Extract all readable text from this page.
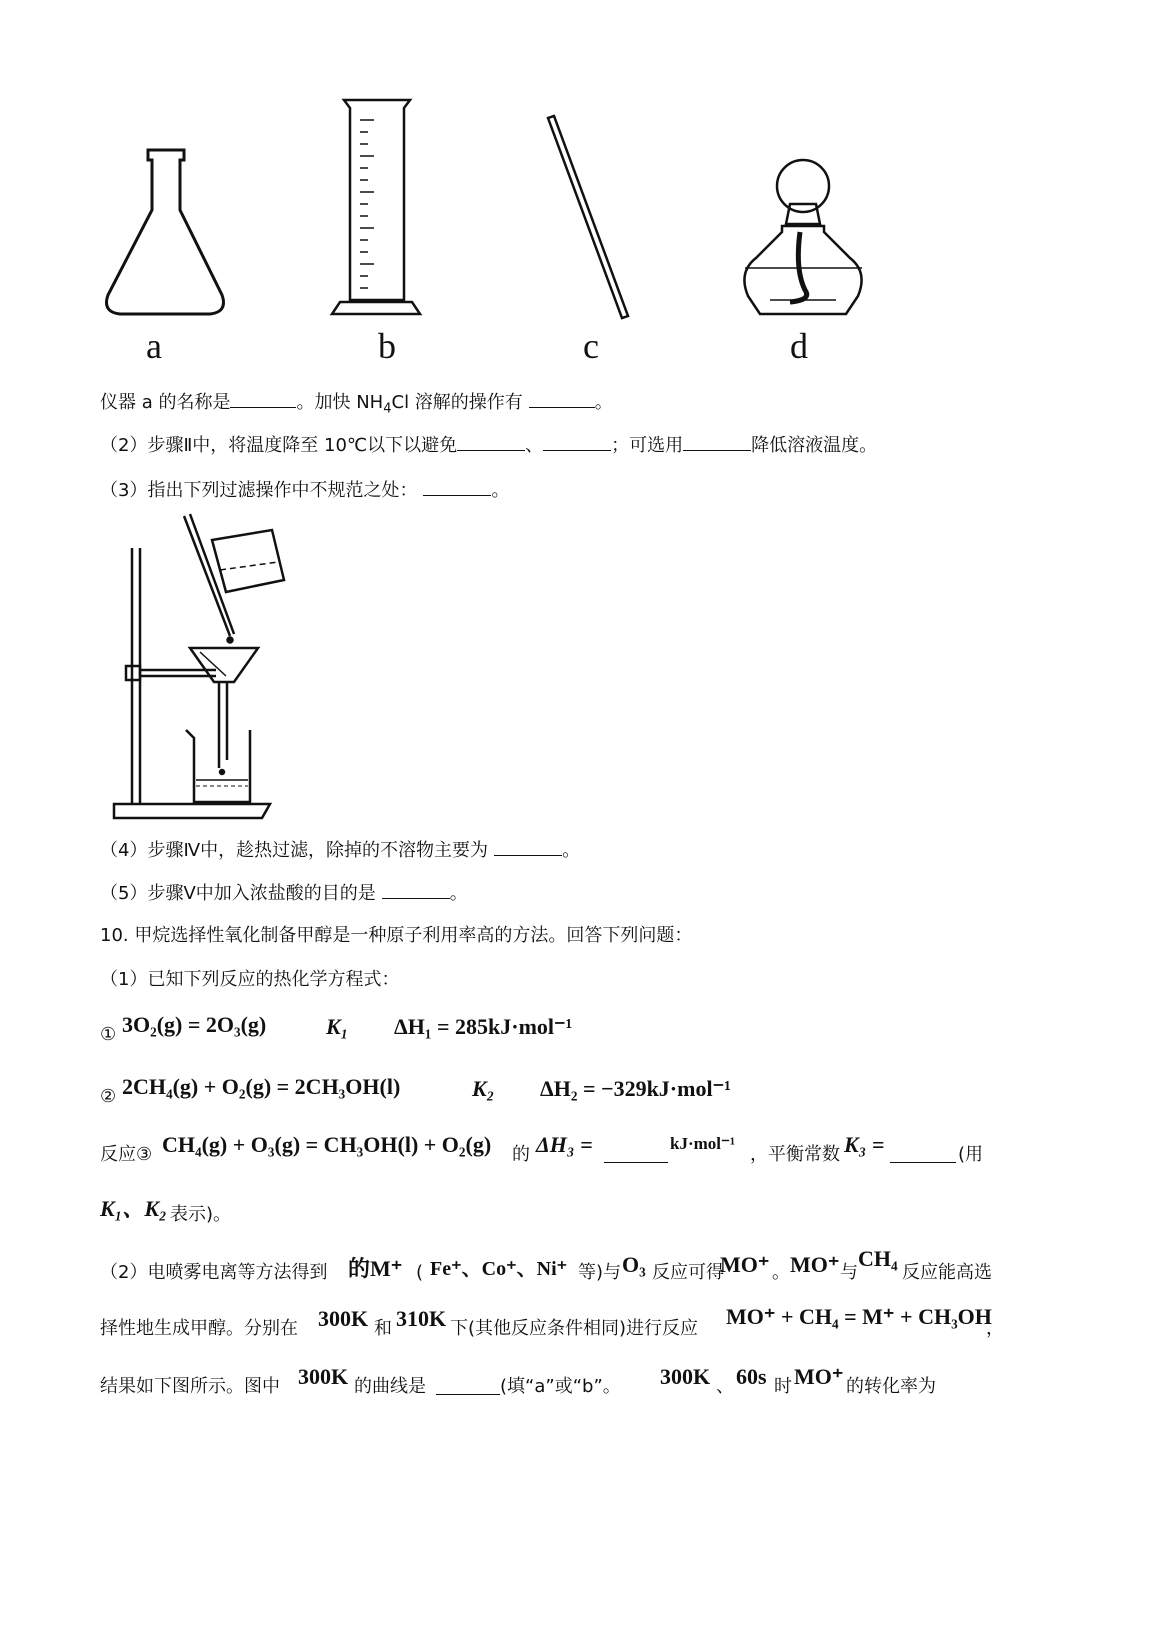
a	b	c	d
仪器 a 的名称是	。加快 $NH_4Cl$ 溶解的操作有	。
（2）步骤Ⅱ中，将温度降至 10℃以下以避免	、	；可选用	降低溶液温度。
（3）指出下列过滤操作中不规范之处：	。
（4）步骤Ⅳ中，趁热过滤，除掉的不溶物主要为	。
（5）步骤Ⅴ中加入浓盐酸的目的是	。
10. 甲烷选择性氧化制备甲醇是一种原子利用率高的方法。回答下列问题：
（1）已知下列反应的热化学方程式：
① 3O₂(g) = 2O₃(g)	K₁ ΔH₁ = 285kJ·mol⁻¹
② 2CH₄(g) + O₂(g) = 2CH₃OH(l)	K₂ ΔH₂ = −329kJ·mol⁻¹
反应③ CH₄(g) + O₃(g) = CH₃OH(l) + O₂(g) 的 ΔH₃ =	kJ·mol⁻¹
，平衡常数 K₃ =	(用
K₁、K₂ 表示)。
（2）电喷雾电离等方法得到 的M⁺ ( Fe⁺、Co⁺、Ni⁺ 等)与 O₃ 反应可得
MO⁺ 。 MO⁺ 与
CH₄
反应能高选
择性地生成甲醇。分别在 300K 和 310K 下(其他反应条件相同)进行反应 MO⁺ + CH₄ = M⁺ + CH₃OH
，
结果如下图所示。图中 300K 的曲线是	(填“a”或“b”。 300K 、 60s 时 MO⁺ 的转化率为
